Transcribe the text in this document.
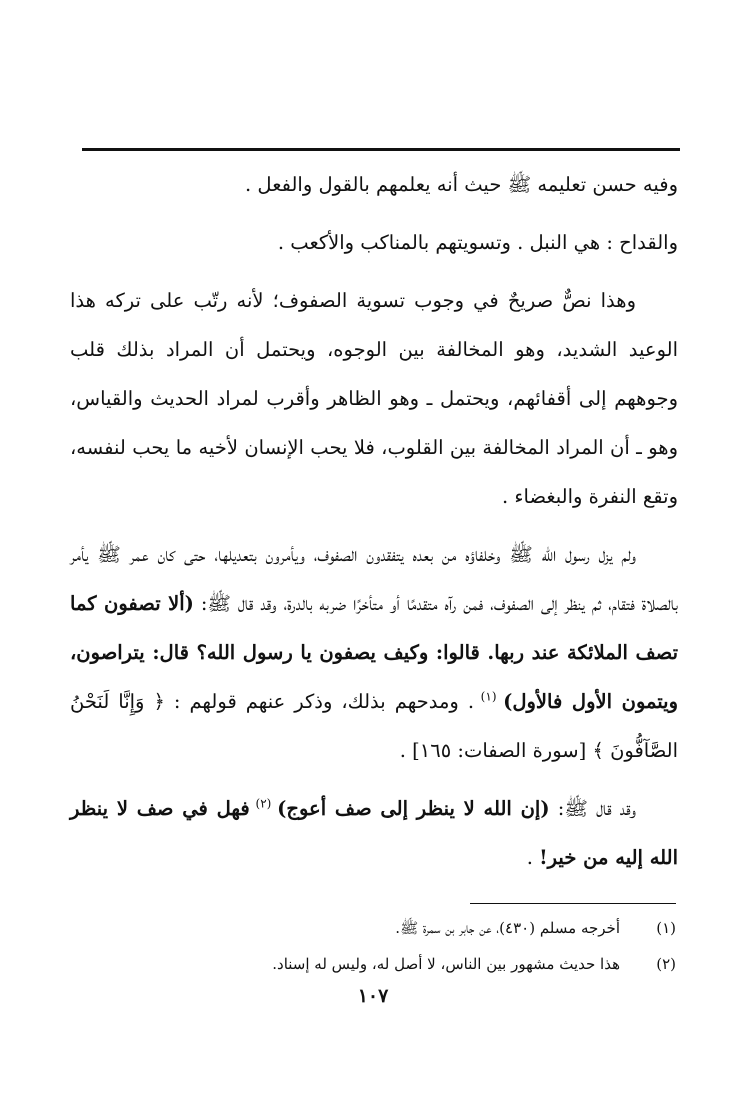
وفيه حسن تعليمه ﷺ حيث أنه يعلمهم بالقول والفعل .

والقداح : هي النبل . وتسويتهم بالمناكب والأكعب .

وهذا نصٌّ صريحٌ في وجوب تسوية الصفوف؛ لأنه رتّب على تركه هذا الوعيد الشديد، وهو المخالفة بين الوجوه، ويحتمل أن المراد بذلك قلب وجوههم إلى أقفائهم، ويحتمل ـ وهو الظاهر وأقرب لمراد الحديث والقياس، وهو ـ أن المراد المخالفة بين القلوب، فلا يحب الإنسان لأخيه ما يحب لنفسه، وتقع النفرة والبغضاء .

ولم يزل رسول الله ﷺ وخلفاؤه من بعده يتفقدون الصفوف، ويأمرون بتعديلها، حتى كان عمر ﷺ يأمر بالصلاة فتقام، ثم ينظر إلى الصفوف، فمن رآه متقدمًا أو متأخرًا ضربه بالدرة، وقد قال ﷺ: (ألا تصفون كما تصف الملائكة عند ربها. قالوا: وكيف يصفون يا رسول الله؟ قال: يتراصون، ويتمون الأول فالأول) $^{(١)}$ . ومدحهم بذلك، وذكر عنهم قولهم : ﴿ وَإِنَّا لَنَحْنُ الصَّآفُّونَ ﴾ [سورة الصفات: ١٦٥] .

وقد قال ﷺ: (إن الله لا ينظر إلى صف أعوج) $^{(٢)}$ فهل في صف لا ينظر الله إليه من خير! .

(١)أخرجه مسلم (٤٣٠)، عن جابر بن سمرة ﷺ.
(٢)هذا حديث مشهور بين الناس، لا أصل له، وليس له إسناد.
١٠٧
